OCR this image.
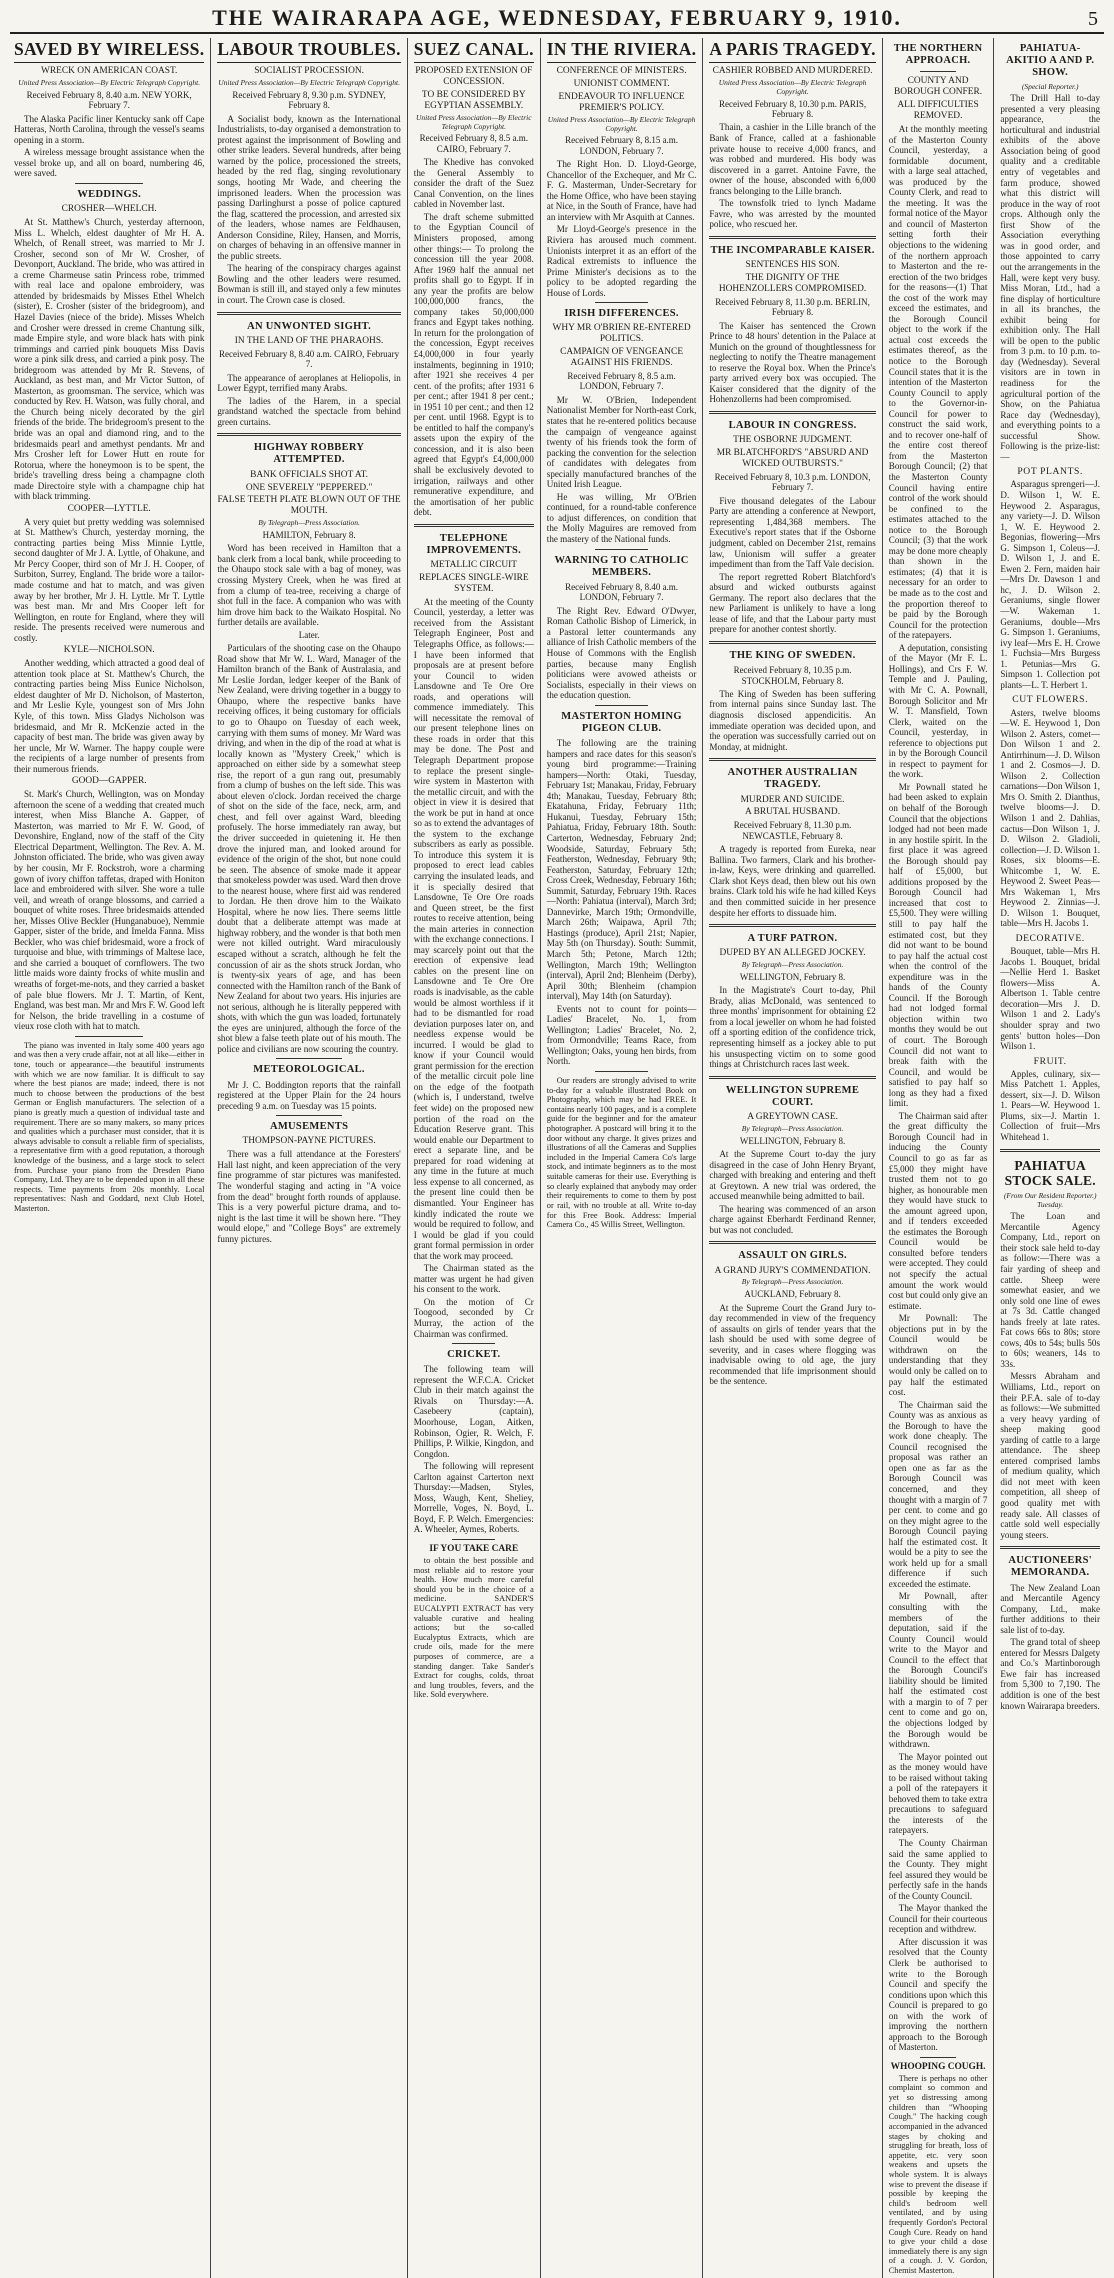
THE WAIRARAPA AGE, WEDNESDAY, FEBRUARY 9, 1910.	5
SAVED BY WIRELESS.
WRECK ON AMERICAN COAST.
United Press Association—By Electric Telegraph Copyright.
Received February 8, 8.40 a.m. NEW YORK, February 7.

The Alaska Pacific liner Kentucky sank off Cape Hatteras, North Carolina, through the vessel's seams opening in a storm.

A wireless message brought assistance when the vessel broke up, and all on board, numbering 46, were saved.

WEDDINGS.
CROSHER—WHELCH.

At St. Matthew's Church, yesterday afternoon, Miss L. Whelch, eldest daughter of Mr H. A. Whelch, of Renall street, was married to Mr J. Crosher, second son of Mr W. Crosher, of Devonport, Auckland. The bride, who was attired in a creme Charmeuse satin Princess robe, trimmed with real lace and opalone embroidery, was attended by bridesmaids by Misses Ethel Whelch (sister), E. Crosher (sister of the bridegroom), and Hazel Davies (niece of the bride). Misses Whelch and Crosher were dressed in creme Chantung silk, made Empire style, and wore black hats with pink trimmings and carried pink bouquets Miss Davis wore a pink silk dress, and carried a pink posy. The bridegroom was attended by Mr R. Stevens, of Auckland, as best man, and Mr Victor Sutton, of Masterton, as groomsman. The service, which was conducted by Rev. H. Watson, was fully choral, and the Church being nicely decorated by the girl friends of the bride. The bridegroom's present to the bride was an opal and diamond ring, and to the bridesmaids pearl and amethyst pendants. Mr and Mrs Crosher left for Lower Hutt en route for Rotorua, where the honeymoon is to be spent, the bride's travelling dress being a champagne cloth made Directoire style with a champagne chip hat with black trimming.

COOPER—LYTTLE.

A very quiet but pretty wedding was solemnised at St. Matthew's Church, yesterday morning, the contracting parties being Miss Minnie Lyttle, second daughter of Mr J. A. Lyttle, of Ohakune, and Mr Percy Cooper, third son of Mr J. H. Cooper, of Surbiton, Surrey, England. The bride wore a tailor-made costume and hat to match, and was given away by her brother, Mr J. H. Lyttle. Mr T. Lyttle was best man. Mr and Mrs Cooper left for Wellington, en route for England, where they will reside. The presents received were numerous and costly.

KYLE—NICHOLSON.

Another wedding, which attracted a good deal of attention took place at St. Matthew's Church, the contracting parties being Miss Eunice Nicholson, eldest daughter of Mr D. Nicholson, of Masterton, and Mr Leslie Kyle, youngest son of Mrs John Kyle, of this town. Miss Gladys Nicholson was bridesmaid, and Mr R. McKenzie acted in the capacity of best man. The bride was given away by her uncle, Mr W. Warner. The happy couple were the recipients of a large number of presents from their numerous friends.

GOOD—GAPPER.

St. Mark's Church, Wellington, was on Monday afternoon the scene of a wedding that created much interest, when Miss Blanche A. Gapper, of Masterton, was married to Mr F. W. Good, of Devonshire, England, now of the staff of the City Electrical Department, Wellington. The Rev. A. M. Johnston officiated. The bride, who was given away by her cousin, Mr F. Rockstroh, wore a charming gown of ivory chiffon taffetas, draped with Honiton lace and embroidered with silver. She wore a tulle veil, and wreath of orange blossoms, and carried a bouquet of white roses. Three bridesmaids attended her, Misses Olive Beckler (Hunganabuoe), Nemmie Gapper, sister of the bride, and Imelda Fanna. Miss Beckler, who was chief bridesmaid, wore a frock of turquoise and blue, with trimmings of Maltese lace, and she carried a bouquet of cornflowers. The two little maids wore dainty frocks of white muslin and wreaths of forget-me-nots, and they carried a basket of pale blue flowers. Mr J. T. Martin, of Kent, England, was best man. Mr and Mrs F. W. Good left for Nelson, the bride travelling in a costume of vieux rose cloth with hat to match.

The piano was invented in Italy some 400 years ago and was then a very crude affair, not at all like—either in tone, touch or appearance—the beautiful instruments with which we are now familiar. It is difficult to say where the best pianos are made; indeed, there is not much to choose between the productions of the best German or English manufacturers. The selection of a piano is greatly much a question of individual taste and requirement. There are so many makers, so many prices and qualities which a purchaser must consider, that it is always advisable to consult a reliable firm of specialists, a representative firm with a good reputation, a thorough knowledge of the business, and a large stock to select from. Purchase your piano from the Dresden Piano Company, Ltd. They are to be depended upon in all these respects. Time payments from 20s monthly. Local representatives: Nash and Goddard, next Club Hotel, Masterton.

LABOUR TROUBLES.
SOCIALIST PROCESSION.
United Press Association—By Electric Telegraph Copyright.
Received February 8, 9.30 p.m. SYDNEY, February 8.

A Socialist body, known as the International Industrialists, to-day organised a demonstration to protest against the imprisonment of Bowling and other strike leaders. Several hundreds, after being warned by the police, processioned the streets, headed by the red flag, singing revolutionary songs, hooting Mr Wade, and cheering the imprisoned leaders. When the procession was passing Darlinghurst a posse of police captured the flag, scattered the procession, and arrested six of the leaders, whose names are Feldhausen, Anderson Considine, Riley, Hansen, and Morris, on charges of behaving in an offensive manner in the public streets.

The hearing of the conspiracy charges against Bowling and the other leaders were resumed. Bowman is still ill, and stayed only a few minutes in court. The Crown case is closed.

AN UNWONTED SIGHT.
IN THE LAND OF THE PHARAOHS.
Received February 8, 8.40 a.m. CAIRO, February 7.

The appearance of aeroplanes at Heliopolis, in Lower Egypt, terrified many Arabs.

The ladies of the Harem, in a special grandstand watched the spectacle from behind green curtains.

HIGHWAY ROBBERY ATTEMPTED.
BANK OFFICIALS SHOT AT.
ONE SEVERELY "PEPPERED."
FALSE TEETH PLATE BLOWN OUT OF THE MOUTH.
By Telegraph—Press Association.
HAMILTON, February 8.

Word has been received in Hamilton that a bank clerk from a local bank, while proceeding to the Ohaupo stock sale with a bag of money, was crossing Mystery Creek, when he was fired at from a clump of tea-tree, receiving a charge of shot full in the face. A companion who was with him drove him back to the Waikato Hospital. No further details are available.

Later.

Particulars of the shooting case on the Ohaupo Road show that Mr W. L. Ward, Manager of the Hamilton branch of the Bank of Australasia, and Mr Leslie Jordan, ledger keeper of the Bank of New Zealand, were driving together in a buggy to Ohaupo, where the respective banks have receiving offices, it being customary for officials to go to Ohaupo on Tuesday of each week, carrying with them sums of money. Mr Ward was driving, and when in the dip of the road at what is locally known as "Mystery Creek," which is approached on either side by a somewhat steep rise, the report of a gun rang out, presumably from a clump of bushes on the left side. This was about eleven o'clock. Jordan received the charge of shot on the side of the face, neck, arm, and chest, and fell over against Ward, bleeding profusely. The horse immediately ran away, but the driver succeeded in quietening it. He then drove the injured man, and looked around for evidence of the origin of the shot, but none could be seen. The absence of smoke made it appear that smokeless powder was used. Ward then drove to the nearest house, where first aid was rendered to Jordan. He then drove him to the Waikato Hospital, where he now lies. There seems little doubt that a deliberate attempt was made at highway robbery, and the wonder is that both men were not killed outright. Ward miraculously escaped without a scratch, although he felt the concussion of air as the shots struck Jordan, who is twenty-six years of age, and has been connected with the Hamilton ranch of the Bank of New Zealand for about two years. His injuries are not serious, although he is literally peppered with shots, with which the gun was loaded, fortunately the eyes are uninjured, although the force of the shot blew a false teeth plate out of his mouth. The police and civilians are now scouring the country.

METEOROLOGICAL.

Mr J. C. Boddington reports that the rainfall registered at the Upper Plain for the 24 hours preceding 9 a.m. on Tuesday was 15 points.

AMUSEMENTS
THOMPSON-PAYNE PICTURES.

There was a full attendance at the Foresters' Hall last night, and keen appreciation of the very fine programme of star pictures was manifested. The wonderful staging and acting in "A voice from the dead" brought forth rounds of applause. This is a very powerful picture drama, and to-night is the last time it will be shown here. "They would elope," and "College Boys" are extremely funny pictures.

SUEZ CANAL.
PROPOSED EXTENSION OF CONCESSION.
TO BE CONSIDERED BY EGYPTIAN ASSEMBLY.
United Press Association—By Electric Telegraph Copyright.
Received February 8, 8.5 a.m. CAIRO, February 7.

The Khedive has convoked the General Assembly to consider the draft of the Suez Canal Convention, on the lines cabled in November last.

The draft scheme submitted to the Egyptian Council of Ministers proposed, among other things:— To prolong the concession till the year 2008. After 1969 half the annual net profits shall go to Egypt. If in any year the profits are below 100,000,000 francs, the company takes 50,000,000 francs and Egypt takes nothing. In return for the prolongation of the concession, Egypt receives £4,000,000 in four yearly instalments, beginning in 1910; after 1921 she receives 4 per cent. of the profits; after 1931 6 per cent.; after 1941 8 per cent.; in 1951 10 per cent.; and then 12 per cent. until 1968. Egypt is to be entitled to half the company's assets upon the expiry of the concession, and it is also been agreed that Egypt's £4,000,000 shall be exclusively devoted to irrigation, railways and other remunerative expenditure, and the amortisation of her public debt.

TELEPHONE IMPROVEMENTS.
METALLIC CIRCUIT
REPLACES SINGLE-WIRE SYSTEM.

At the meeting of the County Council, yesterday, a letter was received from the Assistant Telegraph Engineer, Post and Telegraphs Office, as follows:—I have been informed that proposals are at present before your Council to widen Lansdowne and Te Ore Ore roads, and operations will commence immediately. This will necessitate the removal of our present telephone lines on these roads in order that this may be done. The Post and Telegraph Department propose to replace the present single-wire system in Masterton with the metallic circuit, and with the object in view it is desired that the work be put in hand at once so as to extend the advantages of the system to the exchange subscribers as early as possible. To introduce this system it is proposed to erect lead cables carrying the insulated leads, and it is specially desired that Lansdowne, Te Ore Ore roads and Queen street, be the first routes to receive attention, being the main arteries in connection with the exchange connections. I may scarcely point out that the erection of expensive lead cables on the present line on Lansdowne and Te Ore Ore roads is inadvisable, as the cable would be almost worthless if it had to be dismantled for road deviation purposes later on, and needless expense would be incurred. I would be glad to know if your Council would grant permission for the erection of the metallic circuit pole line on the edge of the footpath (which is, I understand, twelve feet wide) on the proposed new portion of the road on the Education Reserve grant. This would enable our Department to erect a separate line, and be prepared for road widening at any time in the future at much less expense to all concerned, as the present line could then be dismantled. Your Engineer has kindly indicated the route we would be required to follow, and I would be glad if you could grant formal permission in order that the work may proceed.

The Chairman stated as the matter was urgent he had given his consent to the work.

On the motion of Cr Toogood, seconded by Cr Murray, the action of the Chairman was confirmed.

CRICKET.

The following team will represent the W.F.C.A. Cricket Club in their match against the Rivals on Thursday:—A. Casebeery (captain), Moorhouse, Logan, Aitken, Robinson, Ogier, R. Welch, F. Phillips, P. Wilkie, Kingdon, and Congdon.

The following will represent Carlton against Carterton next Thursday:—Madsen, Styles, Moss, Waugh, Kent, Sheliey, Morrelle, Voges, N. Boyd, L. Boyd, F. P. Welch. Emergencies: A. Wheeler, Aymes, Roberts.

IF YOU TAKE CARE

to obtain the best possible and most reliable aid to restore your health. How much more careful should you be in the choice of a medicine. SANDER'S EUCALYPTI EXTRACT has very valuable curative and healing actions; but the so-called Eucalyptus Extracts, which are crude oils, made for the mere purposes of commerce, are a standing danger. Take Sander's Extract for coughs, colds, throat and lung troubles, fevers, and the like. Sold everywhere.

IN THE RIVIERA.
CONFERENCE OF MINISTERS.
UNIONIST COMMENT.
ENDEAVOUR TO INFLUENCE PREMIER'S POLICY.
United Press Association—By Electric Telegraph Copyright.
Received February 8, 8.15 a.m. LONDON, February 7.

The Right Hon. D. Lloyd-George, Chancellor of the Exchequer, and Mr C. F. G. Masterman, Under-Secretary for the Home Office, who have been staying at Nice, in the South of France, have had an interview with Mr Asquith at Cannes.

Mr Lloyd-George's presence in the Riviera has aroused much comment. Unionists interpret it as an effort of the Radical extremists to influence the Prime Minister's decisions as to the policy to be adopted regarding the House of Lords.

IRISH DIFFERENCES.
WHY MR O'BRIEN RE-ENTERED POLITICS.
CAMPAIGN OF VENGEANCE AGAINST HIS FRIENDS.
Received February 8, 8.5 a.m. LONDON, February 7.

Mr W. O'Brien, Independent Nationalist Member for North-east Cork, states that he re-entered politics because the campaign of vengeance against twenty of his friends took the form of packing the convention for the selection of candidates with delegates from specially manufactured branches of the United Irish League.

He was willing, Mr O'Brien continued, for a round-table conference to adjust differences, on condition that the Molly Maguires are removed from the mastery of the National funds.

WARNING TO CATHOLIC MEMBERS.
Received February 8, 8.40 a.m. LONDON, February 7.

The Right Rev. Edward O'Dwyer, Roman Catholic Bishop of Limerick, in a Pastoral letter countermands any alliance of Irish Catholic members of the House of Commons with the English parties, because many English politicians were avowed atheists or Socialists, especially in their views on the education question.

MASTERTON HOMING PIGEON CLUB.

The following are the training hampers and race dates for this season's young bird programme:—Training hampers—North: Otaki, Tuesday, February 1st; Manakau, Friday, February 4th; Manakau, Tuesday, February 8th; Ekatahuna, Friday, February 11th; Hukanui, Tuesday, February 15th; Pahiatua, Friday, February 18th. South: Carterton, Wednesday, February 2nd; Woodside, Saturday, February 5th; Featherston, Wednesday, February 9th; Featherston, Saturday, February 12th; Cross Creek, Wednesday, February 16th; Summit, Saturday, February 19th. Races—North: Pahiatua (interval), March 3rd; Dannevirke, March 19th; Ormondville, March 26th; Waipawa, April 7th; Hastings (produce), April 21st; Napier, May 5th (on Thursday). South: Summit, March 5th; Petone, March 12th; Wellington, March 19th; Wellington (interval), April 2nd; Blenheim (Derby), April 30th; Blenheim (champion interval), May 14th (on Saturday).

Events not to count for points—Ladies' Bracelet, No. 1, from Wellington; Ladies' Bracelet, No. 2, from Ormondville; Teams Race, from Wellington; Oaks, young hen birds, from North.

Our readers are strongly advised to write to-day for a valuable illustrated Book on Photography, which may be had FREE. It contains nearly 100 pages, and is a complete guide for the beginner and for the amateur photographer. A postcard will bring it to the door without any charge. It gives prizes and illustrations of all the Cameras and Supplies included in the Imperial Camera Co's large stock, and intimate beginners as to the most suitable cameras for their use. Everything is so clearly explained that anybody may order their requirements to come to them by post or rail, with no trouble at all. Write to-day for this Free Book. Address: Imperial Camera Co., 45 Willis Street, Wellington.

A PARIS TRAGEDY.
CASHIER ROBBED AND MURDERED.
United Press Association—By Electric Telegraph Copyright.
Received February 8, 10.30 p.m. PARIS, February 8.

Thain, a cashier in the Lille branch of the Bank of France, called at a fashionable private house to receive 4,000 francs, and was robbed and murdered. His body was discovered in a garret. Antoine Favre, the owner of the house, absconded with 6,000 francs belonging to the Lille branch.

The townsfolk tried to lynch Madame Favre, who was arrested by the mounted police, who rescued her.

THE INCOMPARABLE KAISER.
SENTENCES HIS SON.
THE DIGNITY OF THE HOHENZOLLERS COMPROMISED.
Received February 8, 11.30 p.m. BERLIN, February 8.

The Kaiser has sentenced the Crown Prince to 48 hours' detention in the Palace at Munich on the ground of thoughtlessness for neglecting to notify the Theatre management to reserve the Royal box. When the Prince's party arrived every box was occupied. The Kaiser considered that the dignity of the Hohenzollerns had been compromised.

LABOUR IN CONGRESS.
THE OSBORNE JUDGMENT.
MR BLATCHFORD'S "ABSURD AND WICKED OUTBURSTS."
Received February 8, 10.3 p.m. LONDON, February 7.

Five thousand delegates of the Labour Party are attending a conference at Newport, representing 1,484,368 members. The Executive's report states that if the Osborne judgment, cabled on December 21st, remains law, Unionism will suffer a greater impediment than from the Taff Vale decision.

The report regretted Robert Blatchford's absurd and wicked outbursts against Germany. The report also declares that the new Parliament is unlikely to have a long lease of life, and that the Labour party must prepare for another contest shortly.

THE KING OF SWEDEN.
Received February 8, 10.35 p.m. STOCKHOLM, February 8.

The King of Sweden has been suffering from internal pains since Sunday last. The diagnosis disclosed appendicitis. An immediate operation was decided upon, and the operation was successfully carried out on Monday, at midnight.

ANOTHER AUSTRALIAN TRAGEDY.
MURDER AND SUICIDE.
A BRUTAL HUSBAND.
Received February 8, 11.30 p.m. NEWCASTLE, February 8.

A tragedy is reported from Eureka, near Ballina. Two farmers, Clark and his brother-in-law, Keys, were drinking and quarrelled. Clark shot Keys dead, then blew out his own brains. Clark told his wife he had killed Keys and then committed suicide in her presence despite her efforts to dissuade him.

A TURF PATRON.
DUPED BY AN ALLEGED JOCKEY.
By Telegraph—Press Association.
WELLINGTON, February 8.

In the Magistrate's Court to-day, Phil Brady, alias McDonald, was sentenced to three months' imprisonment for obtaining £2 from a local jeweller on whom he had foisted off a sporting edition of the confidence trick, representing himself as a jockey able to put his unsuspecting victim on to some good things at Christchurch races last week.

WELLINGTON SUPREME COURT.
A GREYTOWN CASE.
By Telegraph—Press Association.
WELLINGTON, February 8.

At the Supreme Court to-day the jury disagreed in the case of John Henry Bryant, charged with breaking and entering and theft at Greytown. A new trial was ordered, the accused meanwhile being admitted to bail.

The hearing was commenced of an arson charge against Eberhardt Ferdinand Renner, but was not concluded.

ASSAULT ON GIRLS.
A GRAND JURY'S COMMENDATION.
By Telegraph—Press Association.
AUCKLAND, February 8.

At the Supreme Court the Grand Jury to-day recommended in view of the frequency of assaults on girls of tender years that the lash should be used with some degree of severity, and in cases where flogging was inadvisable owing to old age, the jury recommended that life imprisonment should be the sentence.

THE NORTHERN APPROACH.
COUNTY AND BOROUGH CONFER.
ALL DIFFICULTIES REMOVED.

At the monthly meeting of the Masterton County Council, yesterday, a formidable document, with a large seal attached, was produced by the County Clerk, and read to the meeting. It was the formal notice of the Mayor and council of Masterton setting forth their objections to the widening of the northern approach to Masterton and the re-erection of the two bridges for the reasons—(1) That the cost of the work may exceed the estimates, and the Borough Council object to the work if the actual cost exceeds the estimates thereof, as the notice to the Borough Council states that it is the intention of the Masterton County Council to apply to the Governor-in-Council for power to construct the said work, and to recover one-half of the entire cost thereof from the Masterton Borough Council; (2) that the Masterton County Council having entire control of the work should be confined to the estimates attached to the notice to the Borough Council; (3) that the work may be done more cheaply than shown in the estimates; (4) that it is necessary for an order to be made as to the cost and the proportion thereof to be paid by the Borough Council for the protection of the ratepayers.

A deputation, consisting of the Mayor (Mr F. L. Hollings), and Crs F. W. Temple and J. Pauling, with Mr C. A. Pownall, Borough Solicitor and Mr W. T. Mansfield, Town Clerk, waited on the Council, yesterday, in reference to objections put in by the Borough Council in respect to payment for the work.

Mr Pownall stated he had been asked to explain on behalf of the Borough Council that the objections lodged had not been made in any hostile spirit. In the first place it was agreed the Borough should pay half of £5,000, but additions proposed by the Borough Council had increased that cost to £5,500. They were willing still to pay half the estimated cost, but they did not want to be bound to pay half the actual cost when the control of the expenditure was in the hands of the County Council. If the Borough had not lodged formal objection within two months they would be out of court. The Borough Council did not want to break faith with the Council, and would be satisfied to pay half so long as they had a fixed limit.

The Chairman said after the great difficulty the Borough Council had in inducing the County Council to go as far as £5,000 they might have trusted them not to go higher, as honourable men they would have stuck to the amount agreed upon, and if tenders exceeded the estimates the Borough Council would be consulted before tenders were accepted. They could not specify the actual amount the work would cost but could only give an estimate.

Mr Pownall: The objections put in by the Council would be withdrawn on the understanding that they would only be called on to pay half the estimated cost.

The Chairman said the County was as anxious as the Borough to have the work done cheaply. The Council recognised the proposal was rather an open one as far as the Borough Council was concerned, and they thought with a margin of 7 per cent. to come and go on they might agree to the Borough Council paying half the estimated cost. It would be a pity to see the work held up for a small difference if such exceeded the estimate.

Mr Pownall, after consulting with the members of the deputation, said if the County Council would write to the Mayor and Council to the effect that the Borough Council's liability should be limited half the estimated cost with a margin to of 7 per cent to come and go on, the objections lodged by the Borough would be withdrawn.

The Mayor pointed out as the money would have to be raised without taking a poll of the ratepayers it behoved them to take extra precautions to safeguard the interests of the ratepayers.

The County Chairman said the same applied to the County. They might feel assured they would be perfectly safe in the hands of the County Council.

The Mayor thanked the Council for their courteous reception and withdrew.

After discussion it was resolved that the County Clerk be authorised to write to the Borough Council and specify the conditions upon which this Council is prepared to go on with the work of improving the northern approach to the Borough of Masterton.

WHOOPING COUGH.

There is perhaps no other complaint so common and yet so distressing among children than "Whooping Cough." The hacking cough accompanied in the advanced stages by choking and struggling for breath, loss of appetite, etc. very soon weakens and upsets the whole system. It is always wise to prevent the disease if possible by keeping the child's bedroom well ventilated, and by using frequently Gordon's Pectoral Cough Cure. Ready on hand to give your child a dose immediately there is any sign of a cough. J. V. Gordon, Chemist Masterton.

PAHIATUA-AKITIO A AND P. SHOW.
(Special Reporter.)

The Drill Hall to-day presented a very pleasing appearance, the horticultural and industrial exhibits of the above Association being of good quality and a creditable entry of vegetables and farm produce, showed what this district will produce in the way of root crops. Although only the first Show of the Association everything was in good order, and those appointed to carry out the arrangements in the Hall, were kept very busy. Miss Moran, Ltd., had a fine display of horticulture in all its branches, the exhibit being for exhibition only. The Hall will be open to the public from 3 p.m. to 10 p.m. to-day (Wednesday). Several visitors are in town in readiness for the agricultural portion of the Show, on the Pahiatua Race day (Wednesday), and everything points to a successful Show. Following is the prize-list:—

POT PLANTS.

Asparagus sprengeri—J. D. Wilson 1, W. E. Heywood 2. Asparagus, any variety—J. D. Wilson 1, W. E. Heywood 2. Begonias, flowering—Mrs G. Simpson 1, Coleus—J. D. Wilson 1, J. and E. Ewen 2. Fern, maiden hair—Mrs Dr. Dawson 1 and hc, J. D. Wilson 2. Geraniums, single flower—W. Wakeman 1. Geraniums, double—Mrs G. Simpson 1. Geraniums, ivy leaf—Mrs E. H. Crowe 1. Fuchsia—Mrs Burgess 1. Petunias—Mrs G. Simpson 1. Collection pot plants—L. T. Herbert 1.

CUT FLOWERS.

Asters, twelve blooms—W. E. Heywood 1, Don Wilson 2. Asters, comet—Don Wilson 1 and 2. Antirrhinum—J. D. Wilson 1 and 2. Cosmos—J. D. Wilson 2. Collection carnations—Don Wilson 1, Mrs O. Smith 2. Dianthus, twelve blooms—J. D. Wilson 1 and 2. Dahlias, cactus—Don Wilson 1, J. D. Wilson 2. Gladioli, collection—J. D. Wilson 1. Roses, six blooms—E. Whitcombe 1, W. E. Heywood 2. Sweet Peas—Mrs Wakeman 1, Mrs Heywood 2. Zinnias—J. D. Wilson 1. Bouquet, table—Mrs H. Jacobs 1.

DECORATIVE.

Bouquet, table—Mrs H. Jacobs 1. Bouquet, bridal—Nellie Herd 1. Basket flowers—Miss A. Albertson 1. Table centre decoration—Mrs J. D. Wilson 1 and 2. Lady's shoulder spray and two gents' button holes—Don Wilson 1.

FRUIT.

Apples, culinary, six—Miss Patchett 1. Apples, dessert, six—J. D. Wilson 1. Pears—W. Heywood 1. Plums, six—J. Martin 1. Collection of fruit—Mrs Whitehead 1.

PAHIATUA STOCK SALE.
(From Our Resident Reporter.) Tuesday.

The Loan and Mercantile Agency Company, Ltd., report on their stock sale held to-day as follow:—There was a fair yarding of sheep and cattle. Sheep were somewhat easier, and we only sold one line of ewes at 7s 3d. Cattle changed hands freely at late rates. Fat cows 66s to 80s; store cows, 40s to 54s; bulls 50s to 60s; weaners, 14s to 33s.

Messrs Abraham and Williams, Ltd., report on their P.F.A. sale of to-day as follows:—We submitted a very heavy yarding of sheep making good yarding of cattle to a large attendance. The sheep entered comprised lambs of medium quality, which did not meet with keen competition, all sheep of good quality met with ready sale. All classes of cattle sold well especially young steers.

AUCTIONEERS' MEMORANDA.

The New Zealand Loan and Mercantile Agency Company, Ltd., make further additions to their sale list of to-day.

The grand total of sheep entered for Messrs Dalgety and Co.'s Martinborough Ewe fair has increased from 5,300 to 7,190. The addition is one of the best known Wairarapa breeders.
